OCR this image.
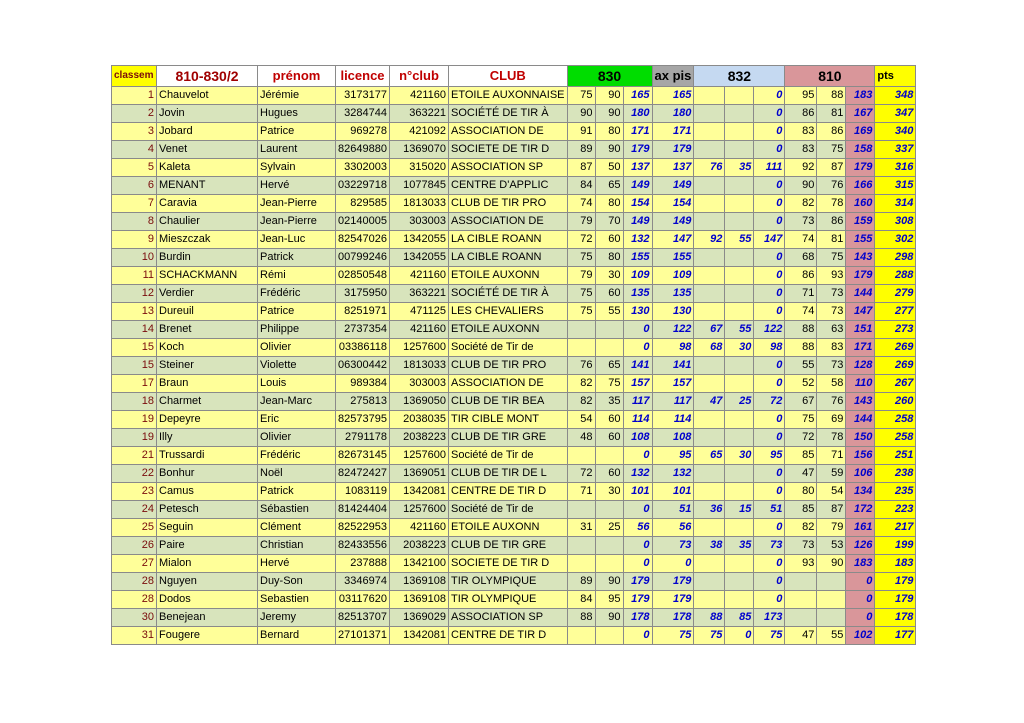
classem	810-830/2	prénom	licence	n°club	CLUB	830			ax pis	832			810			pts
1	Chauvelot	Jérémie	3173177	421160	ETOILE AUXONNAISE	75	90	165	165			0	95	88	183	348
2	Jovin	Hugues	3284744	363221	SOCIÉTÉ DE TIR À	90	90	180	180			0	86	81	167	347
3	Jobard	Patrice	969278	421092	ASSOCIATION DE	91	80	171	171			0	83	86	169	340
4	Venet	Laurent	82649880	1369070	SOCIETE DE TIR D	89	90	179	179			0	83	75	158	337
5	Kaleta	Sylvain	3302003	315020	ASSOCIATION SP	87	50	137	137	76	35	111	92	87	179	316
6	MENANT	Hervé	03229718	1077845	CENTRE D'APPLIC	84	65	149	149			0	90	76	166	315
7	Caravia	Jean-Pierre	829585	1813033	CLUB DE TIR PRO	74	80	154	154			0	82	78	160	314
8	Chaulier	Jean-Pierre	02140005	303003	ASSOCIATION DE	79	70	149	149			0	73	86	159	308
9	Mieszczak	Jean-Luc	82547026	1342055	LA CIBLE ROANN	72	60	132	147	92	55	147	74	81	155	302
10	Burdin	Patrick	00799246	1342055	LA CIBLE ROANN	75	80	155	155			0	68	75	143	298
11	SCHACKMANN	Rémi	02850548	421160	ETOILE AUXONN	79	30	109	109			0	86	93	179	288
12	Verdier	Frédéric	3175950	363221	SOCIÉTÉ DE TIR À	75	60	135	135			0	71	73	144	279
13	Dureuil	Patrice	8251971	471125	LES CHEVALIERS	75	55	130	130			0	74	73	147	277
14	Brenet	Philippe	2737354	421160	ETOILE AUXONN			0	122	67	55	122	88	63	151	273
15	Koch	Olivier	03386118	1257600	Société de Tir de			0	98	68	30	98	88	83	171	269
15	Steiner	Violette	06300442	1813033	CLUB DE TIR PRO	76	65	141	141			0	55	73	128	269
17	Braun	Louis	989384	303003	ASSOCIATION DE	82	75	157	157			0	52	58	110	267
18	Charmet	Jean-Marc	275813	1369050	CLUB DE TIR BEA	82	35	117	117	47	25	72	67	76	143	260
19	Depeyre	Eric	82573795	2038035	TIR CIBLE MONT	54	60	114	114			0	75	69	144	258
19	Illy	Olivier	2791178	2038223	CLUB DE TIR GRE	48	60	108	108			0	72	78	150	258
21	Trussardi	Frédéric	82673145	1257600	Société de Tir de			0	95	65	30	95	85	71	156	251
22	Bonhur	Noël	82472427	1369051	CLUB DE TIR DE L	72	60	132	132			0	47	59	106	238
23	Camus	Patrick	1083119	1342081	CENTRE DE TIR D	71	30	101	101			0	80	54	134	235
24	Petesch	Sébastien	81424404	1257600	Société de Tir de			0	51	36	15	51	85	87	172	223
25	Seguin	Clément	82522953	421160	ETOILE AUXONN	31	25	56	56			0	82	79	161	217
26	Paire	Christian	82433556	2038223	CLUB DE TIR GRE			0	73	38	35	73	73	53	126	199
27	Mialon	Hervé	237888	1342100	SOCIETE DE TIR D			0	0			0	93	90	183	183
28	Nguyen	Duy-Son	3346974	1369108	TIR OLYMPIQUE	89	90	179	179			0			0	179
28	Dodos	Sebastien	03117620	1369108	TIR OLYMPIQUE	84	95	179	179			0			0	179
30	Benejean	Jeremy	82513707	1369029	ASSOCIATION SP	88	90	178	178	88	85	173			0	178
31	Fougere	Bernard	27101371	1342081	CENTRE DE TIR D			0	75	75	0	75	47	55	102	177
